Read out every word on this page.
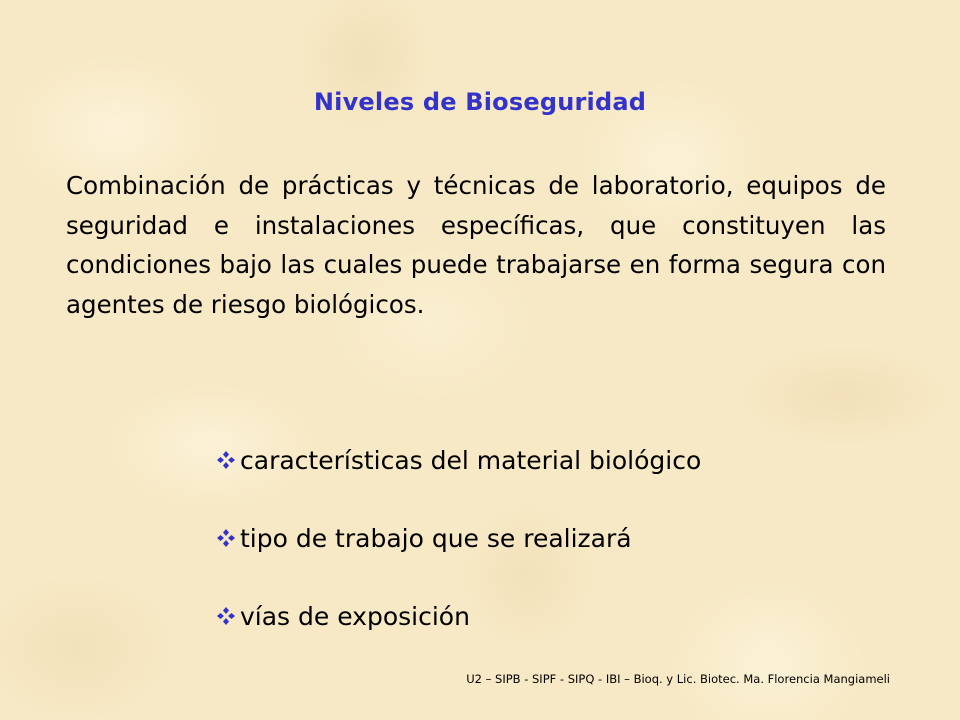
Niveles de Bioseguridad

Combinación de prácticas y técnicas de laboratorio, equipos de seguridad e instalaciones específicas, que constituyen las condiciones bajo las cuales puede trabajarse en forma segura con agentes de riesgo biológicos.

características del material biológico
tipo de trabajo que se realizará
vías de exposición
U2 – SIPB - SIPF - SIPQ - IBI – Bioq. y Lic. Biotec. Ma. Florencia Mangiameli
